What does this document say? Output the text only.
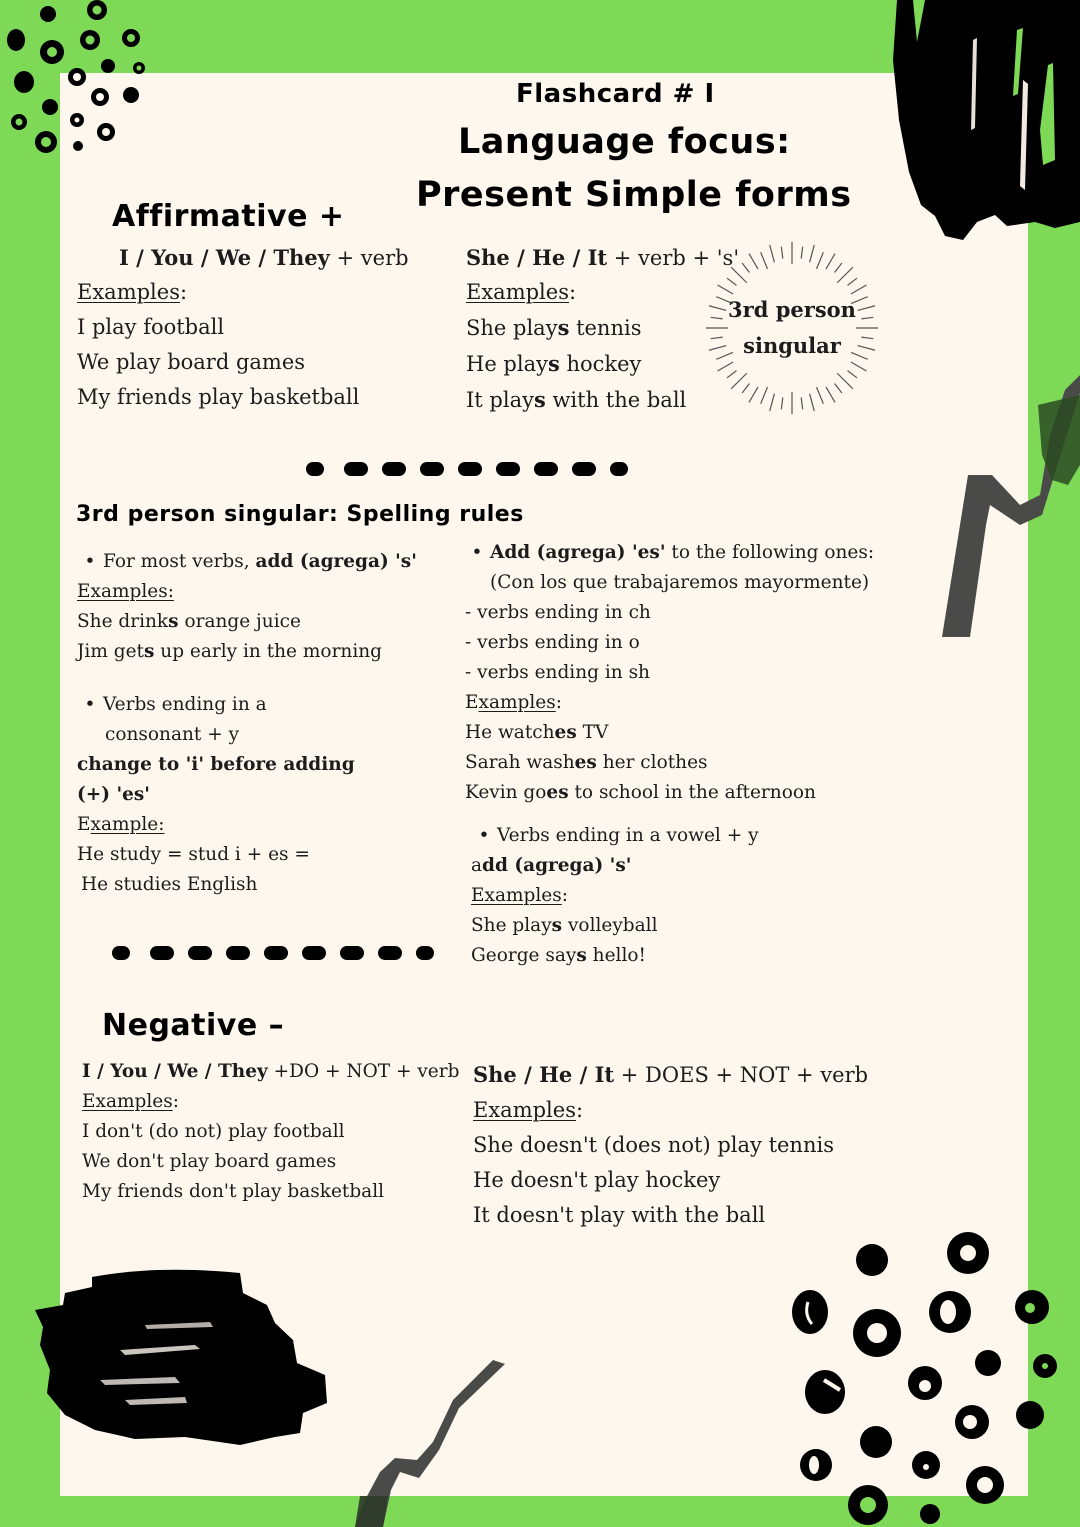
Flashcard # I
Language focus:
Present Simple forms
Affirmative +
I / You / We / They + verb
Examples:
I play football
We play board games
My friends play basketball
She / He / It + verb + 's'
Examples:
She plays tennis
He plays hockey
It plays with the ball
3rd person
singular
3rd person singular: Spelling rules
• For most verbs, add (agrega) 's'
Examples:
She drinks orange juice
Jim gets up early in the morning
• Verbs ending in a
consonant + y
change to 'i' before adding
(+) 'es'
Example:
He study = stud i + es =
He studies English
• Add (agrega) 'es' to the following ones:
(Con los que trabajaremos mayormente)
- verbs ending in ch
- verbs ending in o
- verbs ending in sh
Examples:
He watches TV
Sarah washes her clothes
Kevin goes to school in the afternoon
• Verbs ending in a vowel + y
add (agrega) 's'
Examples:
She plays volleyball
George says hello!
Negative –
I / You / We / They +DO + NOT + verb
Examples:
I don't (do not) play football
We don't play board games
My friends don't play basketball
She / He / It + DOES + NOT + verb
Examples:
She doesn't (does not) play tennis
He doesn't play hockey
It doesn't play with the ball
